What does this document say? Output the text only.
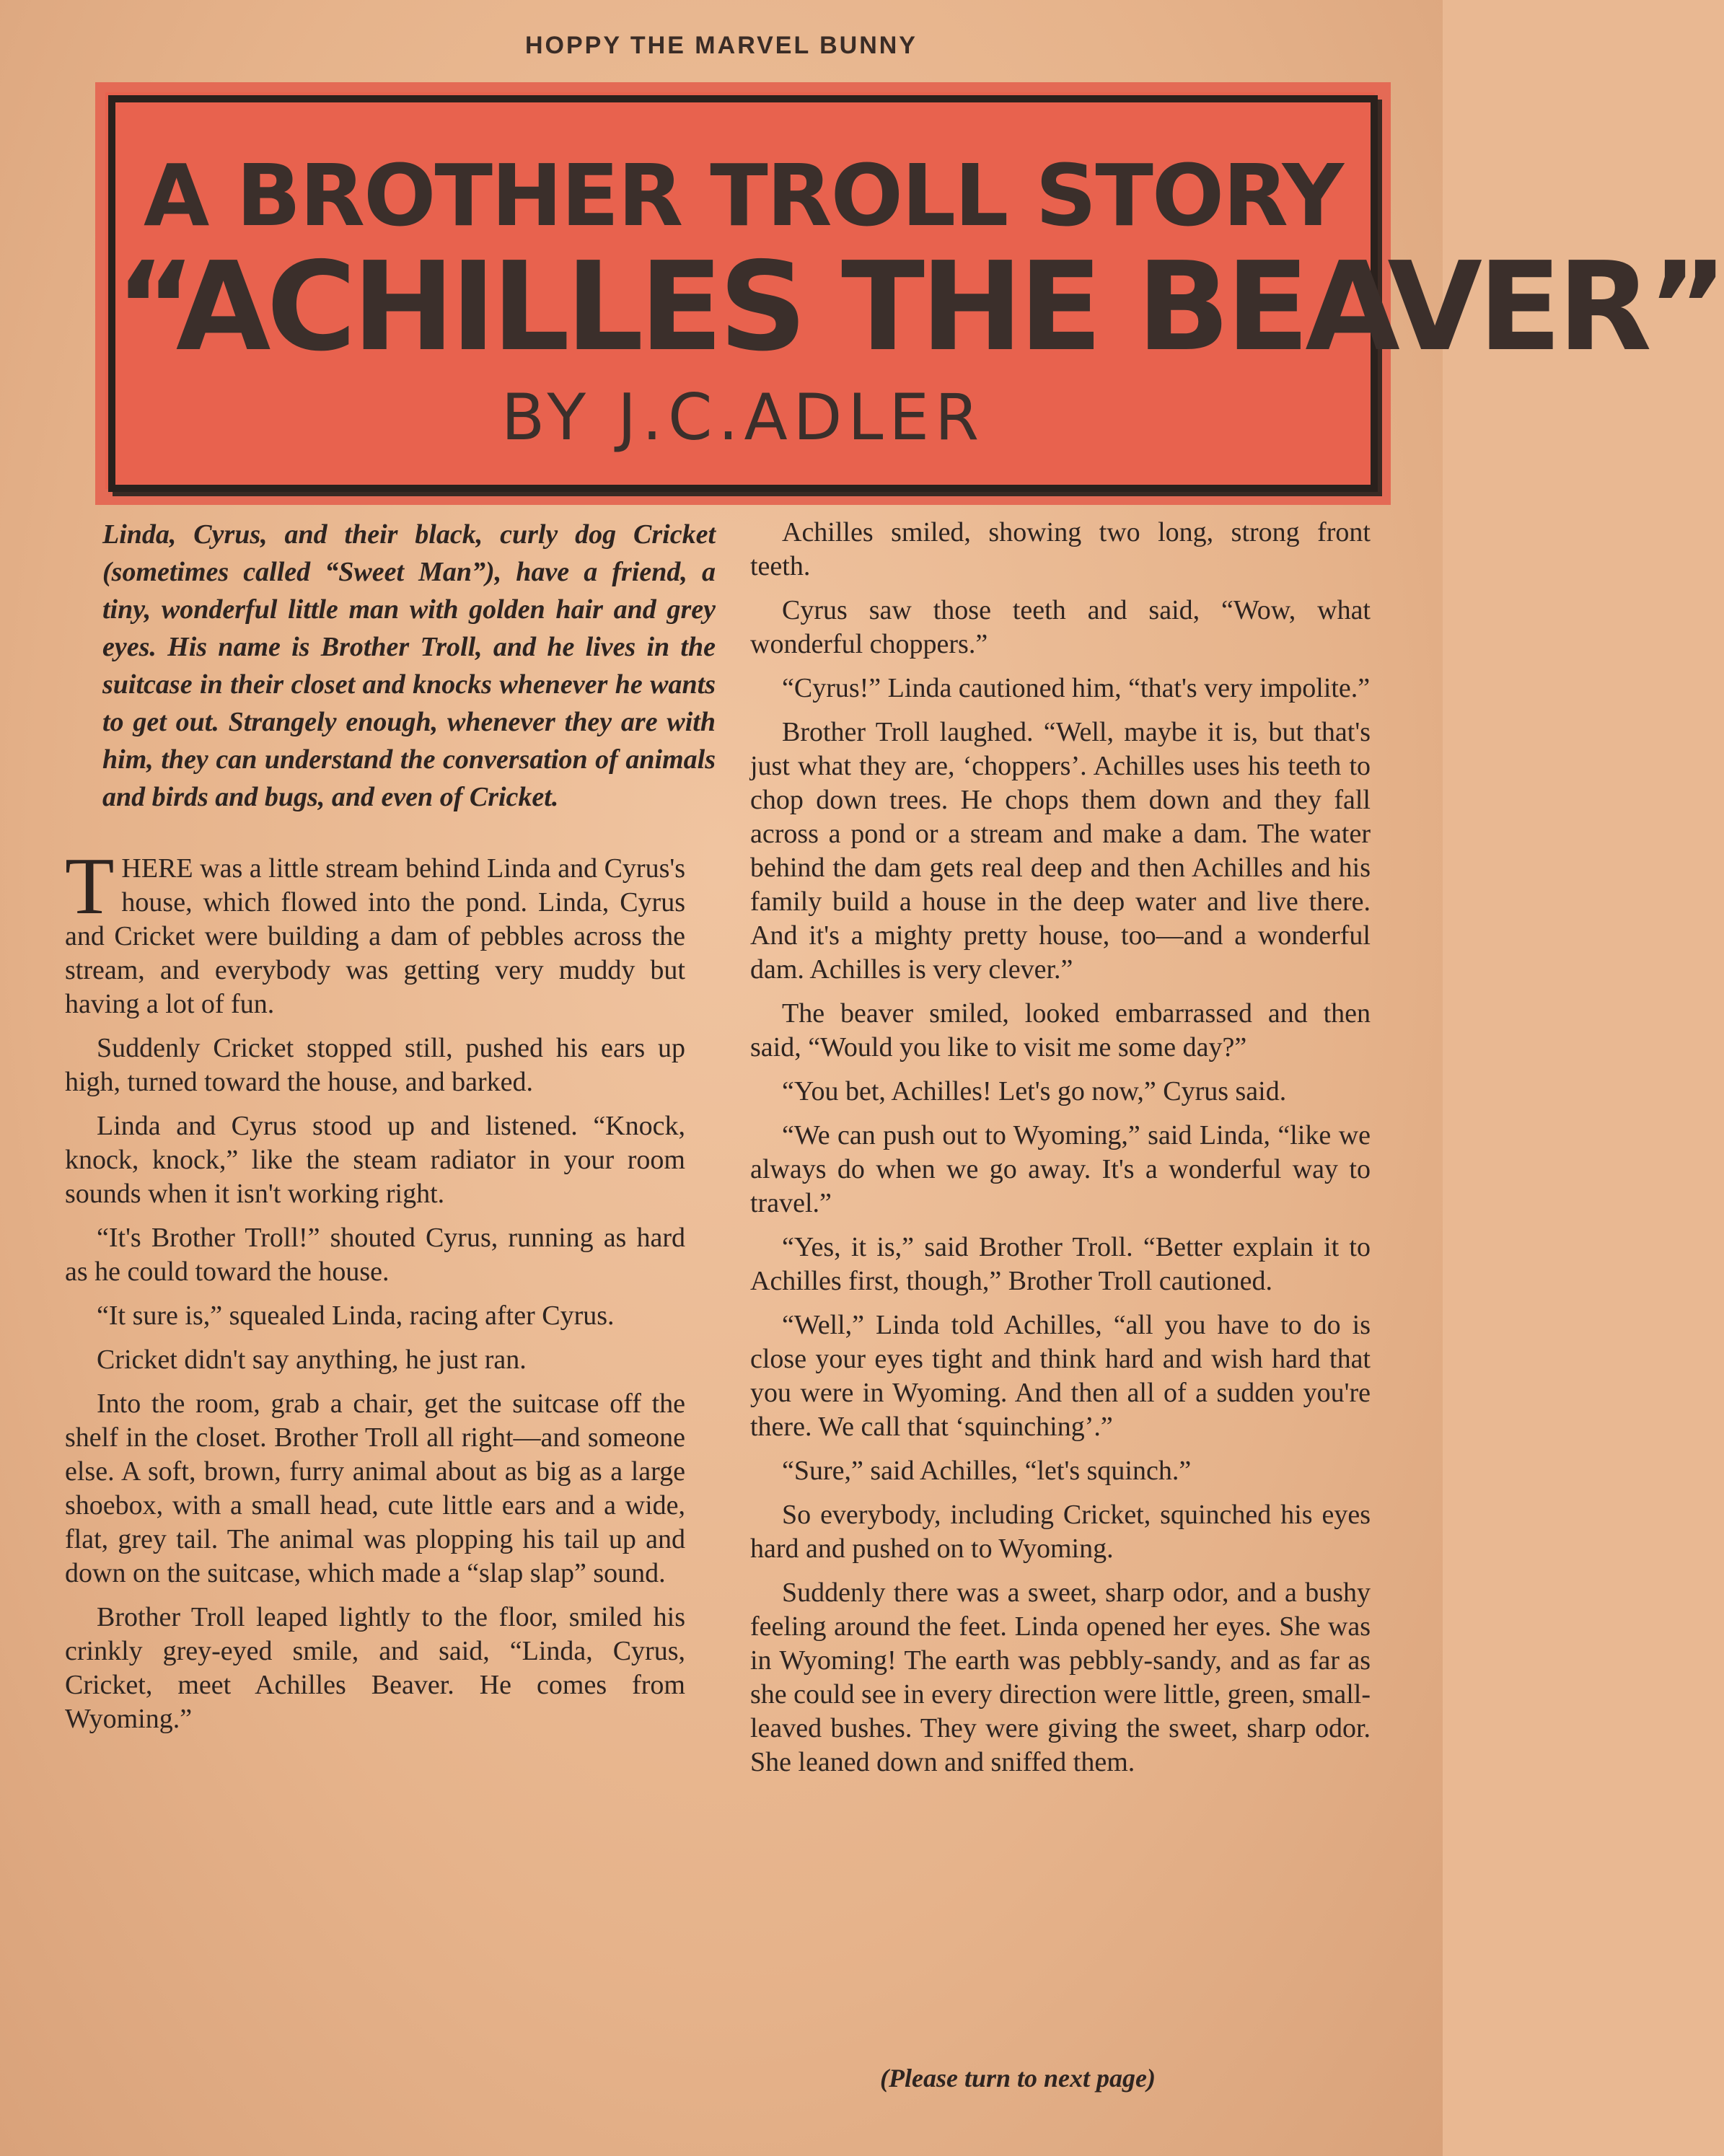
HOPPY THE MARVEL BUNNY
A BROTHER TROLL STORY
“ACHILLES THE BEAVER”
BY J.C.ADLER
Linda, Cyrus, and their black, curly dog Cricket (sometimes called “Sweet Man”), have a friend, a tiny, wonderful little man with golden hair and grey eyes. His name is Brother Troll, and he lives in the suitcase in their closet and knocks whenever he wants to get out. Strangely enough, whenever they are with him, they can understand the conversation of animals and birds and bugs, and even of Cricket.

THERE was a little stream behind Linda and Cyrus's house, which flowed into the pond. Linda, Cyrus and Cricket were building a dam of pebbles across the stream, and everybody was getting very muddy but having a lot of fun.

Suddenly Cricket stopped still, pushed his ears up high, turned toward the house, and barked.

Linda and Cyrus stood up and listened. “Knock, knock, knock,” like the steam radiator in your room sounds when it isn't working right.

“It's Brother Troll!” shouted Cyrus, running as hard as he could toward the house.

“It sure is,” squealed Linda, racing after Cyrus.

Cricket didn't say anything, he just ran.

Into the room, grab a chair, get the suitcase off the shelf in the closet. Brother Troll all right—and someone else. A soft, brown, furry animal about as big as a large shoebox, with a small head, cute little ears and a wide, flat, grey tail. The animal was plopping his tail up and down on the suitcase, which made a “slap slap” sound.

Brother Troll leaped lightly to the floor, smiled his crinkly grey-eyed smile, and said, “Linda, Cyrus, Cricket, meet Achilles Beaver. He comes from Wyoming.”

Achilles smiled, showing two long, strong front teeth.

Cyrus saw those teeth and said, “Wow, what wonderful choppers.”

“Cyrus!” Linda cautioned him, “that's very impolite.”

Brother Troll laughed. “Well, maybe it is, but that's just what they are, ‘choppers’. Achilles uses his teeth to chop down trees. He chops them down and they fall across a pond or a stream and make a dam. The water behind the dam gets real deep and then Achilles and his family build a house in the deep water and live there. And it's a mighty pretty house, too—and a wonderful dam. Achilles is very clever.”

The beaver smiled, looked embarrassed and then said, “Would you like to visit me some day?”

“You bet, Achilles! Let's go now,” Cyrus said.

“We can push out to Wyoming,” said Linda, “like we always do when we go away. It's a wonderful way to travel.”

“Yes, it is,” said Brother Troll. “Better explain it to Achilles first, though,” Brother Troll cautioned.

“Well,” Linda told Achilles, “all you have to do is close your eyes tight and think hard and wish hard that you were in Wyoming. And then all of a sudden you're there. We call that ‘squinching’.”

“Sure,” said Achilles, “let's squinch.”

So everybody, including Cricket, squinched his eyes hard and pushed on to Wyoming.

Suddenly there was a sweet, sharp odor, and a bushy feeling around the feet. Linda opened her eyes. She was in Wyoming! The earth was pebbly-sandy, and as far as she could see in every direction were little, green, small-leaved bushes. They were giving the sweet, sharp odor. She leaned down and sniffed them.

(Please turn to next page)
